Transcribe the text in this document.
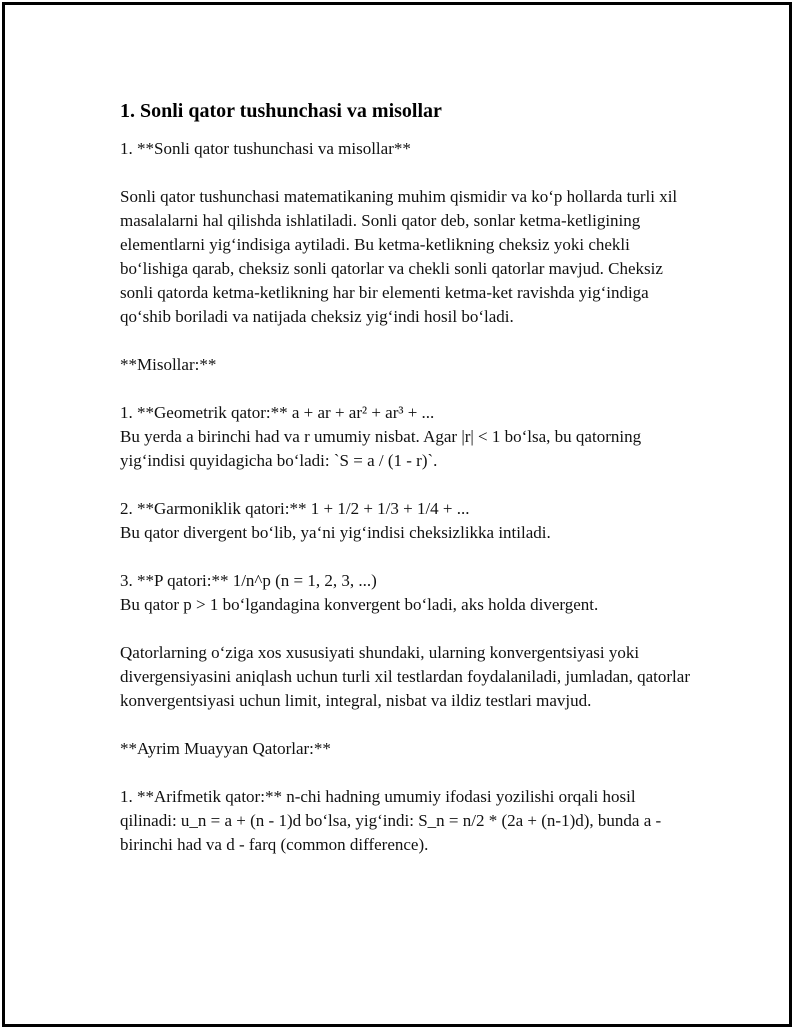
1. Sonli qator tushunchasi va misollar

1. **Sonli qator tushunchasi va misollar**

Sonli qator tushunchasi matematikaning muhim qismidir va ko‘p hollarda turli xil masalalarni hal qilishda ishlatiladi. Sonli qator deb, sonlar ketma-ketligining elementlarni yig‘indisiga aytiladi. Bu ketma-ketlikning cheksiz yoki chekli bo‘lishiga qarab, cheksiz sonli qatorlar va chekli sonli qatorlar mavjud. Cheksiz sonli qatorda ketma-ketlikning har bir elementi ketma-ket ravishda yig‘indiga qo‘shib boriladi va natijada cheksiz yig‘indi hosil bo‘ladi.

**Misollar:**

1. **Geometrik qator:** a + ar + ar² + ar³ + ...
Bu yerda a birinchi had va r umumiy nisbat. Agar |r| < 1 bo‘lsa, bu qatorning yig‘indisi quyidagicha bo‘ladi: `S = a / (1 - r)`.

2. **Garmoniklik qatori:** 1 + 1/2 + 1/3 + 1/4 + ...
Bu qator divergent bo‘lib, ya‘ni yig‘indisi cheksizlikka intiladi.

3. **P qatori:** 1/n^p (n = 1, 2, 3, ...)
Bu qator p > 1 bo‘lgandagina konvergent bo‘ladi, aks holda divergent.

Qatorlarning o‘ziga xos xususiyati shundaki, ularning konvergentsiyasi yoki divergensiyasini aniqlash uchun turli xil testlardan foydalaniladi, jumladan, qatorlar konvergentsiyasi uchun limit, integral, nisbat va ildiz testlari mavjud.

**Ayrim Muayyan Qatorlar:**

1. **Arifmetik qator:** n-chi hadning umumiy ifodasi yozilishi orqali hosil qilinadi: u_n = a + (n - 1)d bo‘lsa, yig‘indi: S_n = n/2 * (2a + (n-1)d), bunda a - birinchi had va d - farq (common difference).
